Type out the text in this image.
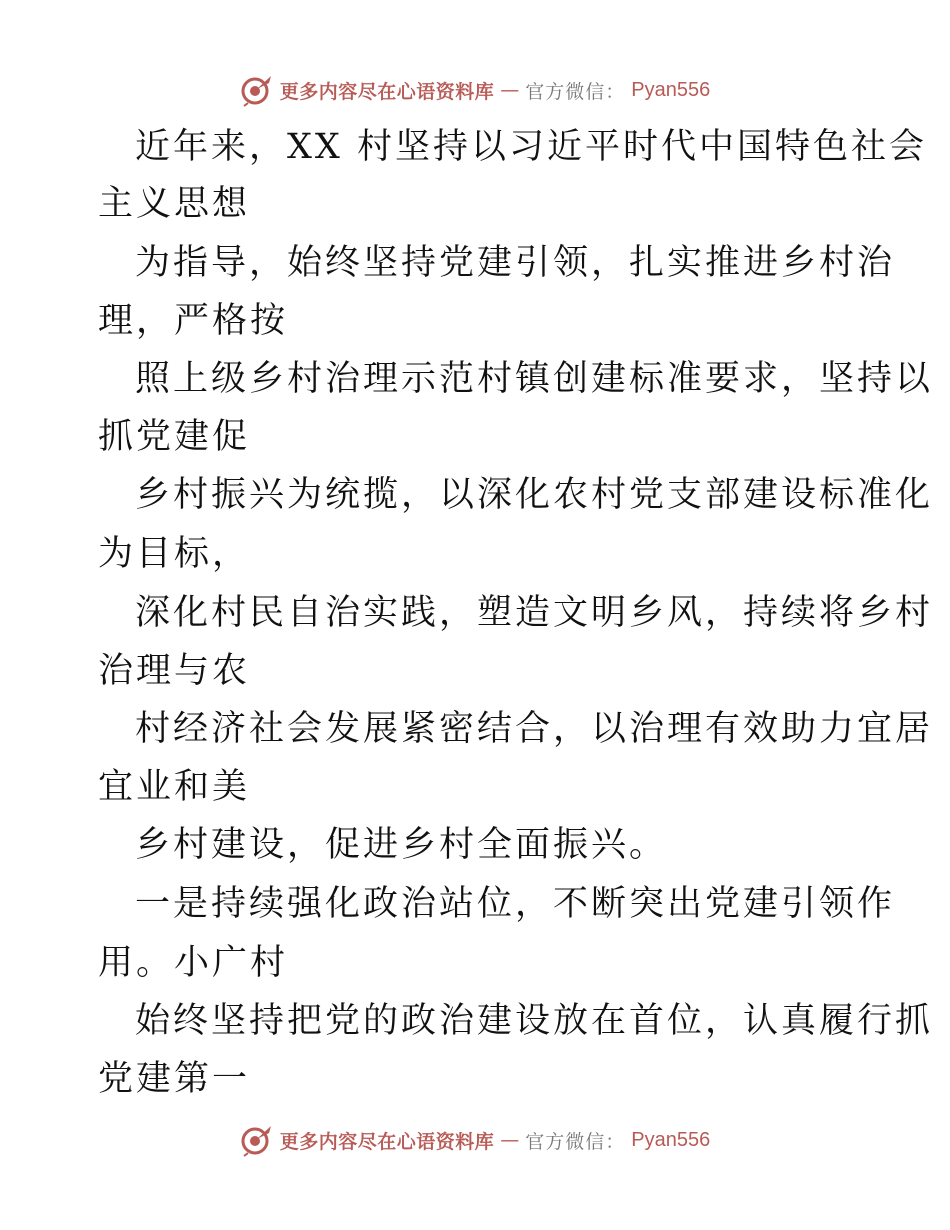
更多内容尽在心语资料库 — 官方微信： Pyan556
近年来，XX 村坚持以习近平时代中国特色社会
主义思想
为指导，始终坚持党建引领，扎实推进乡村治
理，严格按
照上级乡村治理示范村镇创建标准要求，坚持以
抓党建促
乡村振兴为统揽，以深化农村党支部建设标准化
为目标，
深化村民自治实践，塑造文明乡风，持续将乡村
治理与农
村经济社会发展紧密结合，以治理有效助力宜居
宜业和美
乡村建设，促进乡村全面振兴。
一是持续强化政治站位，不断突出党建引领作
用。小广村
始终坚持把党的政治建设放在首位，认真履行抓
党建第一
更多内容尽在心语资料库 — 官方微信： Pyan556
